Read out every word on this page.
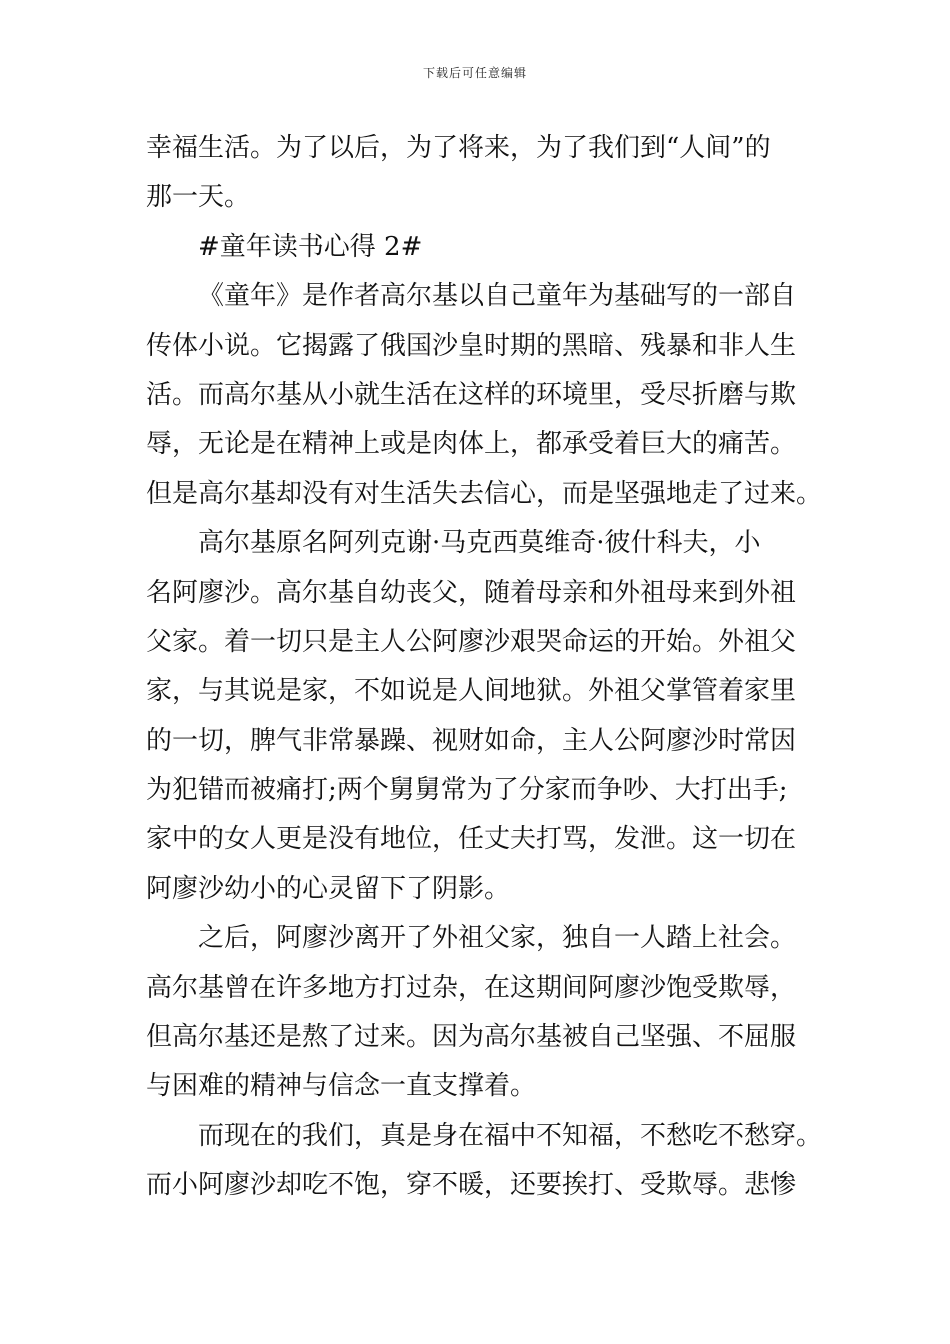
下载后可任意编辑
幸福生活。为了以后，为了将来，为了我们到“人间”的
那一天。
#童年读书心得 2#
《童年》是作者高尔基以自己童年为基础写的一部自
传体小说。它揭露了俄国沙皇时期的黑暗、残暴和非人生
活。而高尔基从小就生活在这样的环境里，受尽折磨与欺
辱，无论是在精神上或是肉体上，都承受着巨大的痛苦。
但是高尔基却没有对生活失去信心，而是坚强地走了过来。
高尔基原名阿列克谢·马克西莫维奇·彼什科夫，小
名阿廖沙。高尔基自幼丧父，随着母亲和外祖母来到外祖
父家。着一切只是主人公阿廖沙艰哭命运的开始。外祖父
家，与其说是家，不如说是人间地狱。外祖父掌管着家里
的一切，脾气非常暴躁、视财如命，主人公阿廖沙时常因
为犯错而被痛打;两个舅舅常为了分家而争吵、大打出手;
家中的女人更是没有地位，任丈夫打骂，发泄。这一切在
阿廖沙幼小的心灵留下了阴影。
之后，阿廖沙离开了外祖父家，独自一人踏上社会。
高尔基曾在许多地方打过杂，在这期间阿廖沙饱受欺辱，
但高尔基还是熬了过来。因为高尔基被自己坚强、不屈服
与困难的精神与信念一直支撑着。
而现在的我们，真是身在福中不知福，不愁吃不愁穿。
而小阿廖沙却吃不饱，穿不暖，还要挨打、受欺辱。悲惨
